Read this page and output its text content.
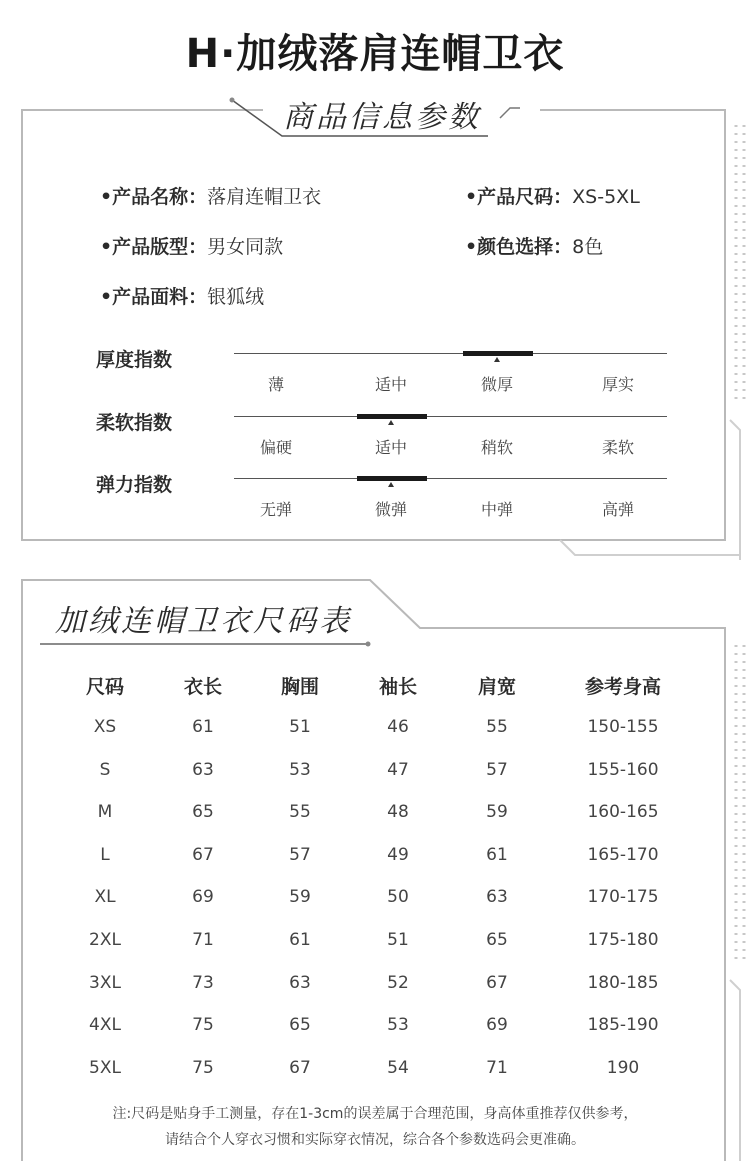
H·加绒落肩连帽卫衣
商品信息参数
•产品名称：落肩连帽卫衣	•产品尺码：XS-5XL
•产品版型：男女同款	•颜色选择：8色
•产品面料：银狐绒
厚度指数
薄	适中	微厚	厚实
柔软指数
偏硬	适中	稍软	柔软
弹力指数
无弹	微弹	中弹	高弹
加绒连帽卫衣尺码表
尺码	衣长	胸围	袖长	肩宽	参考身高
XS	61	51	46	55	150-155
S	63	53	47	57	155-160
M	65	55	48	59	160-165
L	67	57	49	61	165-170
XL	69	59	50	63	170-175
2XL	71	61	51	65	175-180
3XL	73	63	52	67	180-185
4XL	75	65	53	69	185-190
5XL	75	67	54	71	190
注:尺码是贴身手工测量，存在1-3cm的误差属于合理范围，身高体重推荐仅供参考，
请结合个人穿衣习惯和实际穿衣情况，综合各个参数选码会更准确。
